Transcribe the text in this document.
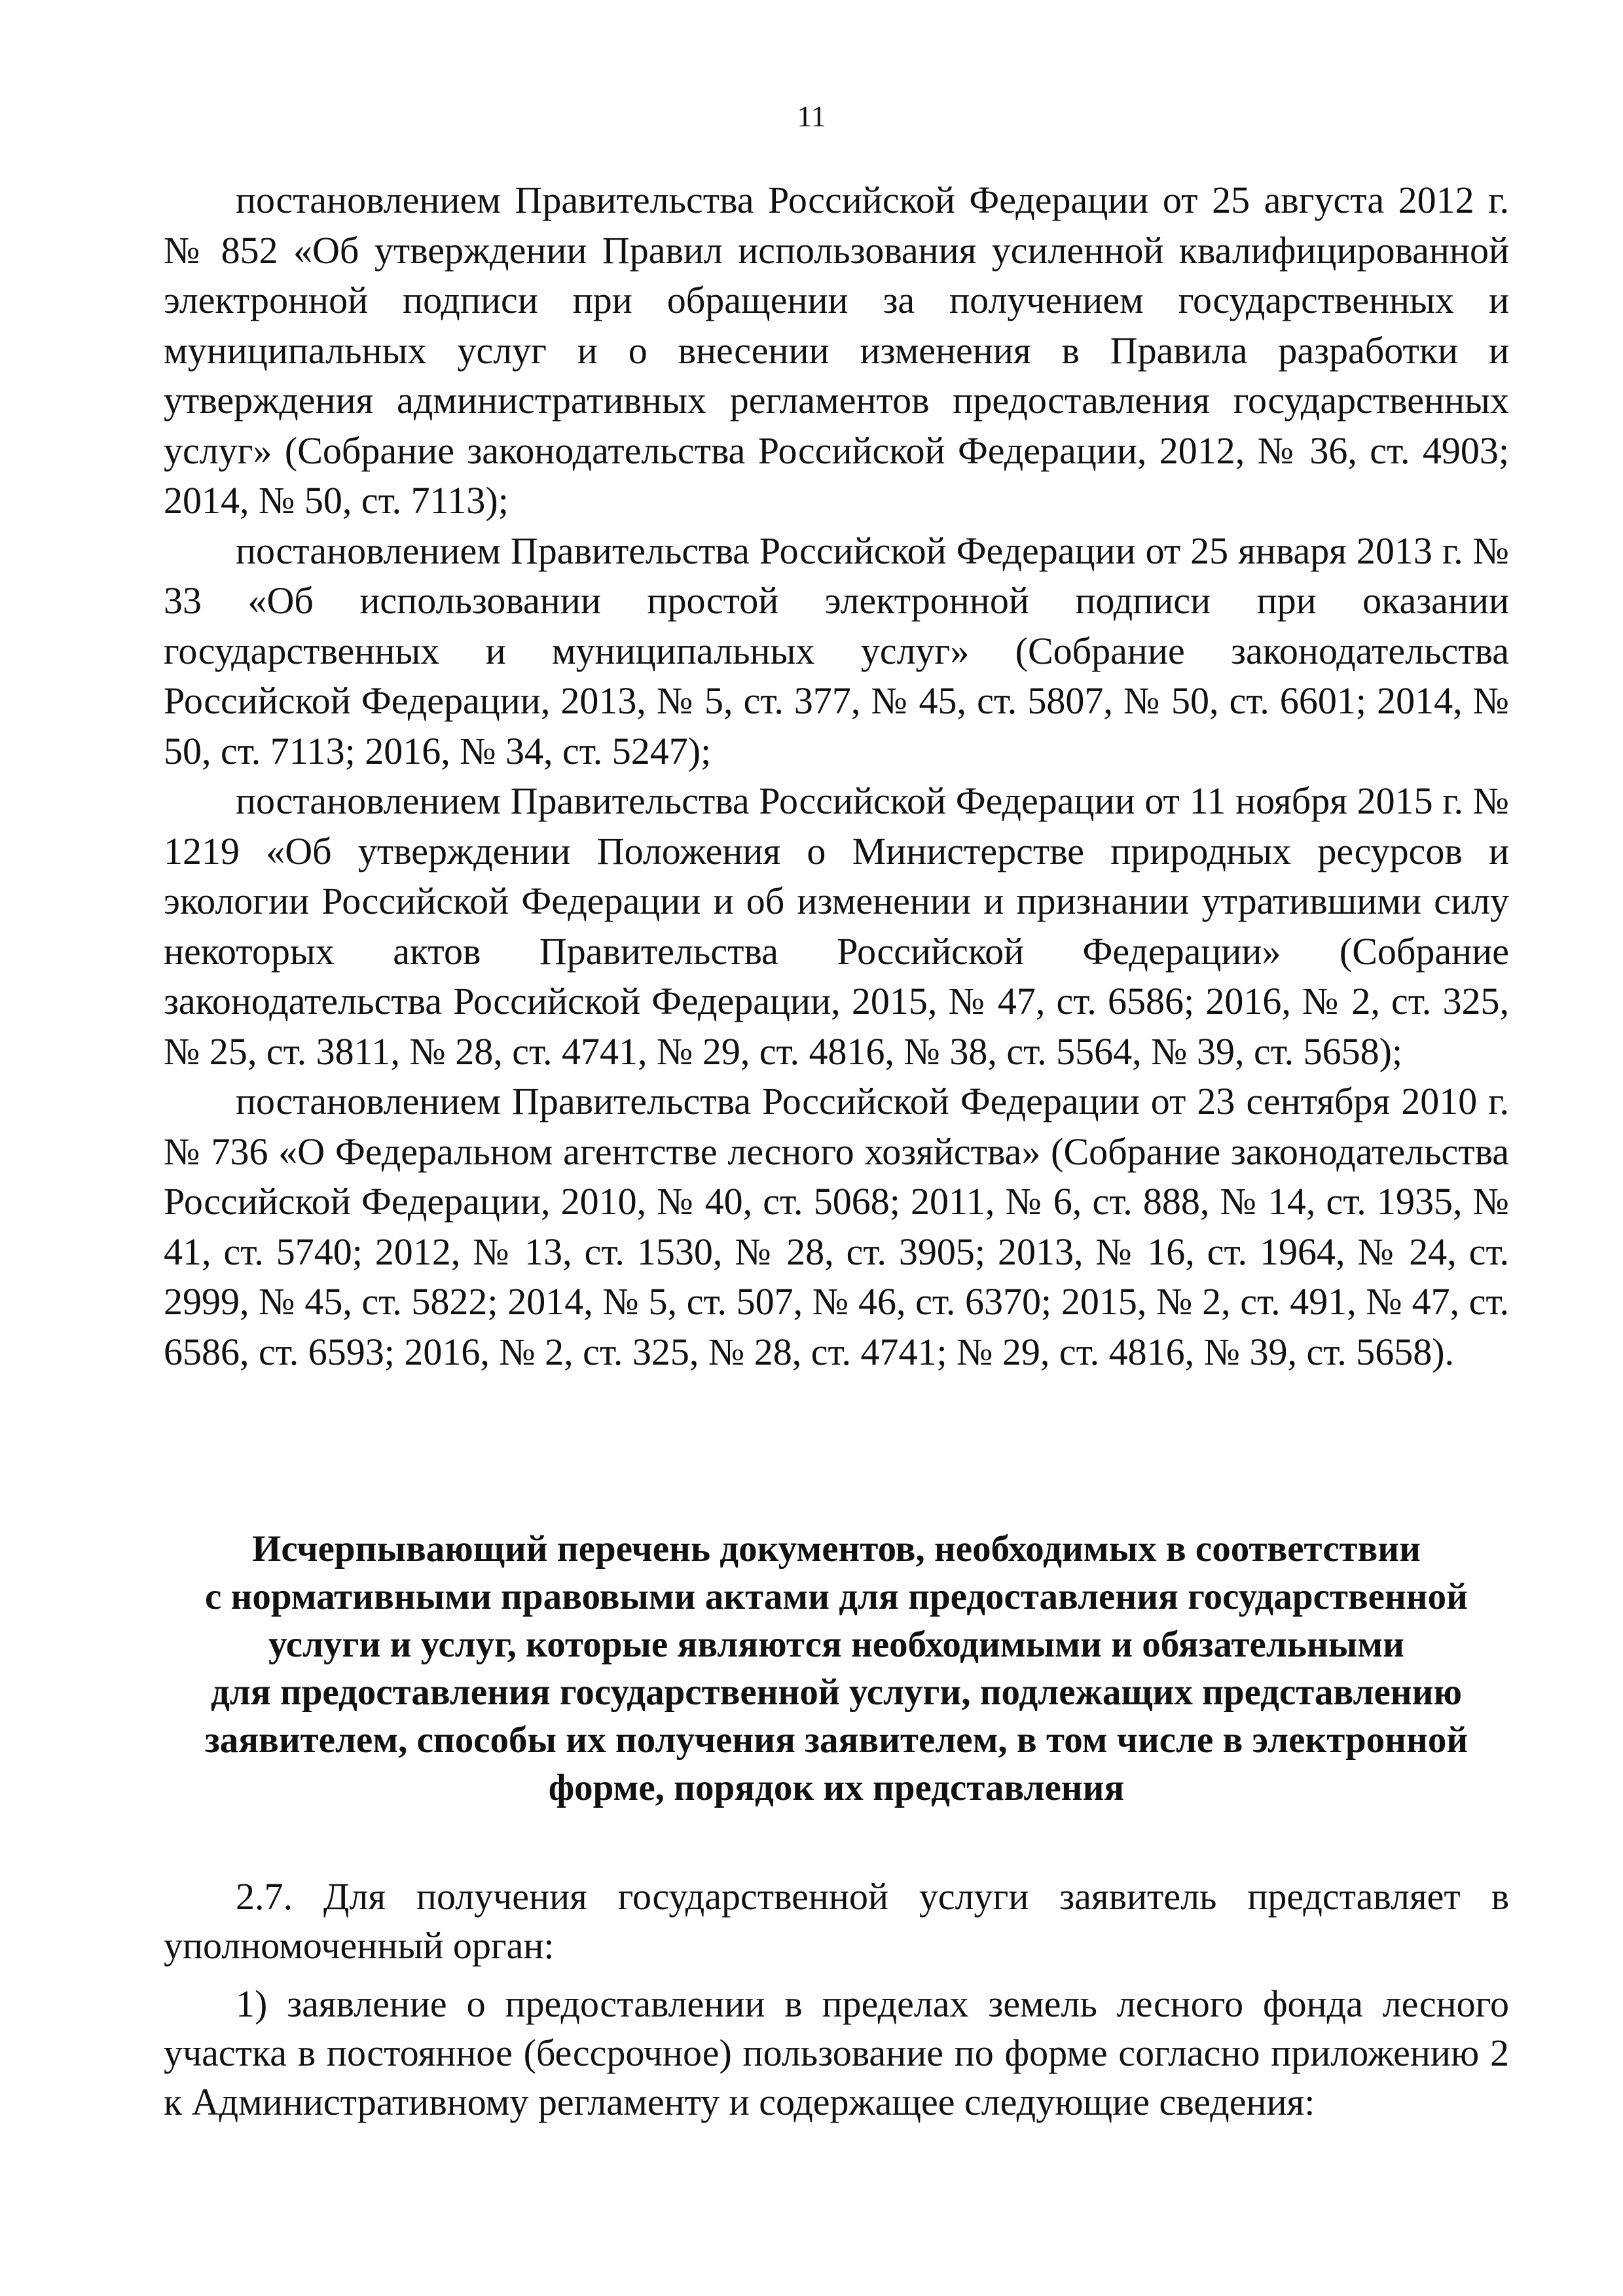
11

постановлением Правительства Российской Федерации от 25 августа 2012 г. № 852 «Об утверждении Правил использования усиленной квалифицированной электронной подписи при обращении за получением государственных и муниципальных услуг и о внесении изменения в Правила разработки и утверждения административных регламентов предоставления государственных услуг» (Собрание законодательства Российской Федерации, 2012, № 36, ст. 4903; 2014, № 50, ст. 7113);

постановлением Правительства Российской Федерации от 25 января 2013 г. № 33 «Об использовании простой электронной подписи при оказании государственных и муниципальных услуг» (Собрание законодательства Российской Федерации, 2013, № 5, ст. 377, № 45, ст. 5807, № 50, ст. 6601; 2014, № 50, ст. 7113; 2016, № 34, ст. 5247);

постановлением Правительства Российской Федерации от 11 ноября 2015 г. № 1219 «Об утверждении Положения о Министерстве природных ресурсов и экологии Российской Федерации и об изменении и признании утратившими силу некоторых актов Правительства Российской Федерации» (Собрание законодательства Российской Федерации, 2015, № 47, ст. 6586; 2016, № 2, ст. 325, № 25, ст. 3811, № 28, ст. 4741, № 29, ст. 4816, № 38, ст. 5564, № 39, ст. 5658);

постановлением Правительства Российской Федерации от 23 сентября 2010 г. № 736 «О Федеральном агентстве лесного хозяйства» (Собрание законодательства Российской Федерации, 2010, № 40, ст. 5068; 2011, № 6, ст. 888, № 14, ст. 1935, № 41, ст. 5740; 2012, № 13, ст. 1530, № 28, ст. 3905; 2013, № 16, ст. 1964, № 24, ст. 2999, № 45, ст. 5822; 2014, № 5, ст. 507, № 46, ст. 6370; 2015, № 2, ст. 491, № 47, ст. 6586, ст. 6593; 2016, № 2, ст. 325, № 28, ст. 4741; № 29, ст. 4816, № 39, ст. 5658).

Исчерпывающий перечень документов, необходимых в соответствии
с нормативными правовыми актами для предоставления государственной
услуги и услуг, которые являются необходимыми и обязательными
для предоставления государственной услуги, подлежащих представлению
заявителем, способы их получения заявителем, в том числе в электронной
форме, порядок их представления

2.7. Для получения государственной услуги заявитель представляет в уполномоченный орган:

1) заявление о предоставлении в пределах земель лесного фонда лесного участка в постоянное (бессрочное) пользование по форме согласно приложению 2 к Административному регламенту и содержащее следующие сведения:
